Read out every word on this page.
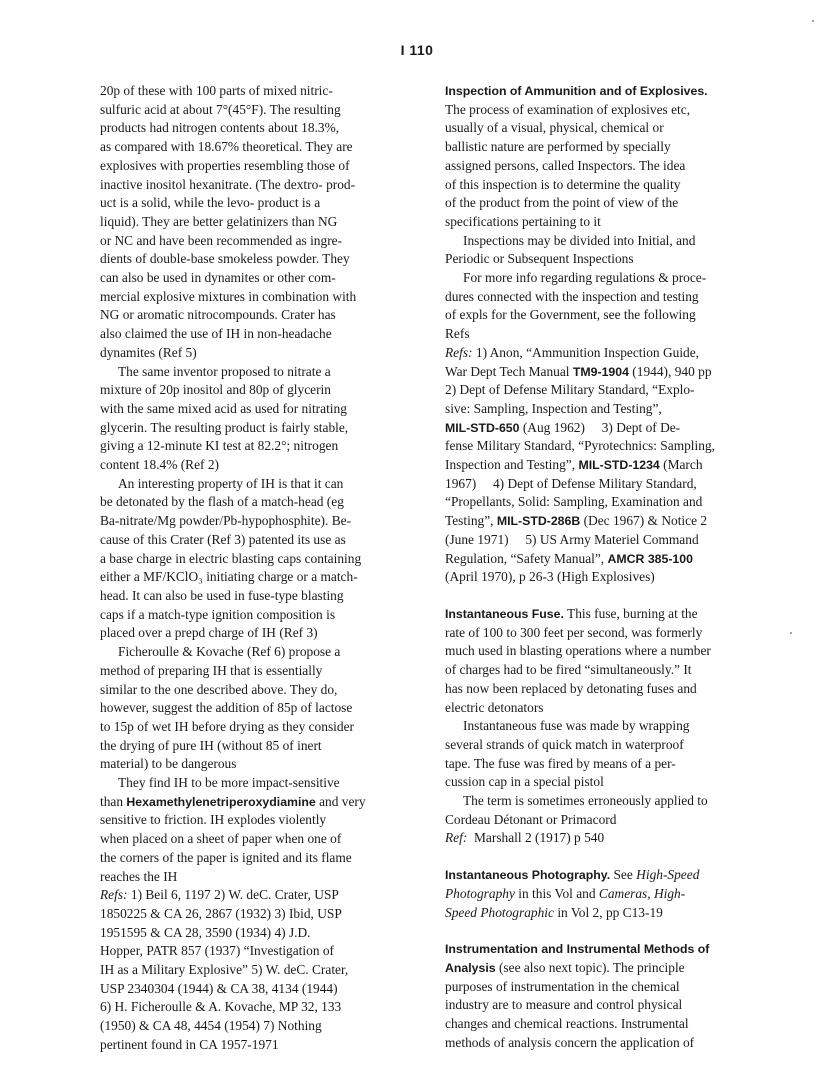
I 110

20p of these with 100 parts of mixed nitric-

sulfuric acid at about 7°(45°F). The resulting

products had nitrogen contents about 18.3%,

as compared with 18.67% theoretical. They are

explosives with properties resembling those of

inactive inositol hexanitrate. (The dextro- prod-

uct is a solid, while the levo- product is a

liquid). They are better gelatinizers than NG

or NC and have been recommended as ingre-

dients of double-base smokeless powder. They

can also be used in dynamites or other com-

mercial explosive mixtures in combination with

NG or aromatic nitrocompounds. Crater has

also claimed the use of IH in non-headache

dynamites (Ref 5)

The same inventor proposed to nitrate a

mixture of 20p inositol and 80p of glycerin

with the same mixed acid as used for nitrating

glycerin. The resulting product is fairly stable,

giving a 12-minute KI test at 82.2°; nitrogen

content 18.4% (Ref 2)

An interesting property of IH is that it can

be detonated by the flash of a match-head (eg

Ba-nitrate/Mg powder/Pb-hypophosphite). Be-

cause of this Crater (Ref 3) patented its use as

a base charge in electric blasting caps containing

either a MF/KClO₃ initiating charge or a match-

head. It can also be used in fuse-type blasting

caps if a match-type ignition composition is

placed over a prepd charge of IH (Ref 3)

Ficheroulle & Kovache (Ref 6) propose a

method of preparing IH that is essentially

similar to the one described above. They do,

however, suggest the addition of 85p of lactose

to 15p of wet IH before drying as they consider

the drying of pure IH (without 85 of inert

material) to be dangerous

They find IH to be more impact-sensitive

than Hexamethylenetriperoxydiamine and very

sensitive to friction. IH explodes violently

when placed on a sheet of paper when one of

the corners of the paper is ignited and its flame

reaches the IH

Refs: 1) Beil 6, 1197 2) W. deC. Crater, USP

1850225 & CA 26, 2867 (1932) 3) Ibid, USP

1951595 & CA 28, 3590 (1934) 4) J.D.

Hopper, PATR 857 (1937) “Investigation of

IH as a Military Explosive” 5) W. deC. Crater,

USP 2340304 (1944) & CA 38, 4134 (1944)

6) H. Ficheroulle & A. Kovache, MP 32, 133

(1950) & CA 48, 4454 (1954) 7) Nothing

pertinent found in CA 1957-1971

Inspection of Ammunition and of Explosives.

The process of examination of explosives etc,

usually of a visual, physical, chemical or

ballistic nature are performed by specially

assigned persons, called Inspectors. The idea

of this inspection is to determine the quality

of the product from the point of view of the

specifications pertaining to it

Inspections may be divided into Initial, and

Periodic or Subsequent Inspections

For more info regarding regulations & proce-

dures connected with the inspection and testing

of expls for the Government, see the following

Refs

Refs: 1) Anon, “Ammunition Inspection Guide,

War Dept Tech Manual TM9-1904 (1944), 940 pp

2) Dept of Defense Military Standard, “Explo-

sive: Sampling, Inspection and Testing”,

MIL-STD-650 (Aug 1962)     3) Dept of De-

fense Military Standard, “Pyrotechnics: Sampling,

Inspection and Testing”, MIL-STD-1234 (March

1967)     4) Dept of Defense Military Standard,

“Propellants, Solid: Sampling, Examination and

Testing”, MIL-STD-286B (Dec 1967) & Notice 2

(June 1971)     5) US Army Materiel Command

Regulation, “Safety Manual”, AMCR 385-100

(April 1970), p 26-3 (High Explosives)

Instantaneous Fuse. This fuse, burning at the

rate of 100 to 300 feet per second, was formerly

much used in blasting operations where a number

of charges had to be fired “simultaneously.” It

has now been replaced by detonating fuses and

electric detonators

Instantaneous fuse was made by wrapping

several strands of quick match in waterproof

tape. The fuse was fired by means of a per-

cussion cap in a special pistol

The term is sometimes erroneously applied to

Cordeau Détonant or Primacord

Ref: Marshall 2 (1917) p 540

Instantaneous Photography. See High-Speed

Photography in this Vol and Cameras, High-

Speed Photographic in Vol 2, pp C13-19

Instrumentation and Instrumental Methods of

Analysis (see also next topic). The principle

purposes of instrumentation in the chemical

industry are to measure and control physical

changes and chemical reactions. Instrumental

methods of analysis concern the application of
